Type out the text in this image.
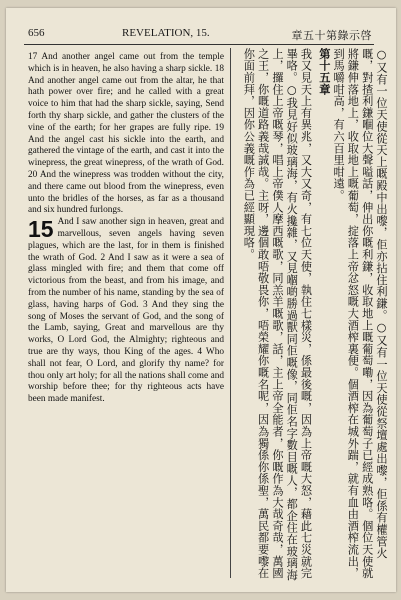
656	REVELATION, 15.	章五十第錄示啓

17 And another angel came out from the temple which is in heaven, he also having a sharp sickle. 18 And another angel came out from the altar, he that hath power over fire; and he called with a great voice to him that had the sharp sickle, saying, Send forth thy sharp sickle, and gather the clusters of the vine of the earth; for her grapes are fully ripe. 19 And the angel cast his sickle into the earth, and gathered the vintage of the earth, and cast it into the winepress, the great winepress, of the wrath of God. 20 And the winepress was trodden without the city, and there came out blood from the winepress, even unto the bridles of the horses, as far as a thousand and six hundred furlongs.

15 And I saw another sign in heaven, great and marvellous, seven angels having seven plagues, which are the last, for in them is finished the wrath of God. 2 And I saw as it were a sea of glass mingled with fire; and them that come off victorious from the beast, and from his image, and from the number of his name, standing by the sea of glass, having harps of God. 3 And they sing the song of Moses the servant of God, and the song of the Lamb, saying, Great and marvellous are thy works, O Lord God, the Almighty; righteous and true are thy ways, thou King of the ages. 4 Who shall not fear, O Lord, and glorify thy name? for thou only art holy; for all the nations shall come and worship before thee; for thy righteous acts have been made manifest.	○又有一位天使從天上嘅殿中出嚟，佢亦拈住利鎌。○又有一位天使從祭壇處出嚟，佢係有權管火嘅，對揸利鎌嗰位大聲嗌話，伸出你嘅利鎌，收取地上嘅葡萄嘞，因為葡萄子已經成熟咯。個位天使就將鎌伸落地上，收取地上嘅葡萄，掟落上帝忿怒嘅大酒榨裏便。個酒榨在城外踹，就有血由酒榨流出，到馬嚼咁高，有六百里咁遠。

第十五章

我又見天上有異兆，又大又奇，有七位天使，執住七樣災，係最後嘅，因為上帝嘅大怒，藉此七災就完畢咯。○我見好似玻璃海，有火攙雜，又見嗰啲勝過獸同佢嘅像，同佢名字數目嘅人，都企住在玻璃海上，攞住上帝嘅琴，唱上帝僕人摩西嘅歌，同羔羊嘅歌，話，主上帝全能者，你嘅作為大哉奇哉，萬國之王，你嘅道路義哉誠哉。主呀，邊個敢唔敬畏你，唔榮耀你嘅名呢，因為獨係你係聖，萬民都要嚟在你面前拜，因你公義嘅作為已經顯現咯。
